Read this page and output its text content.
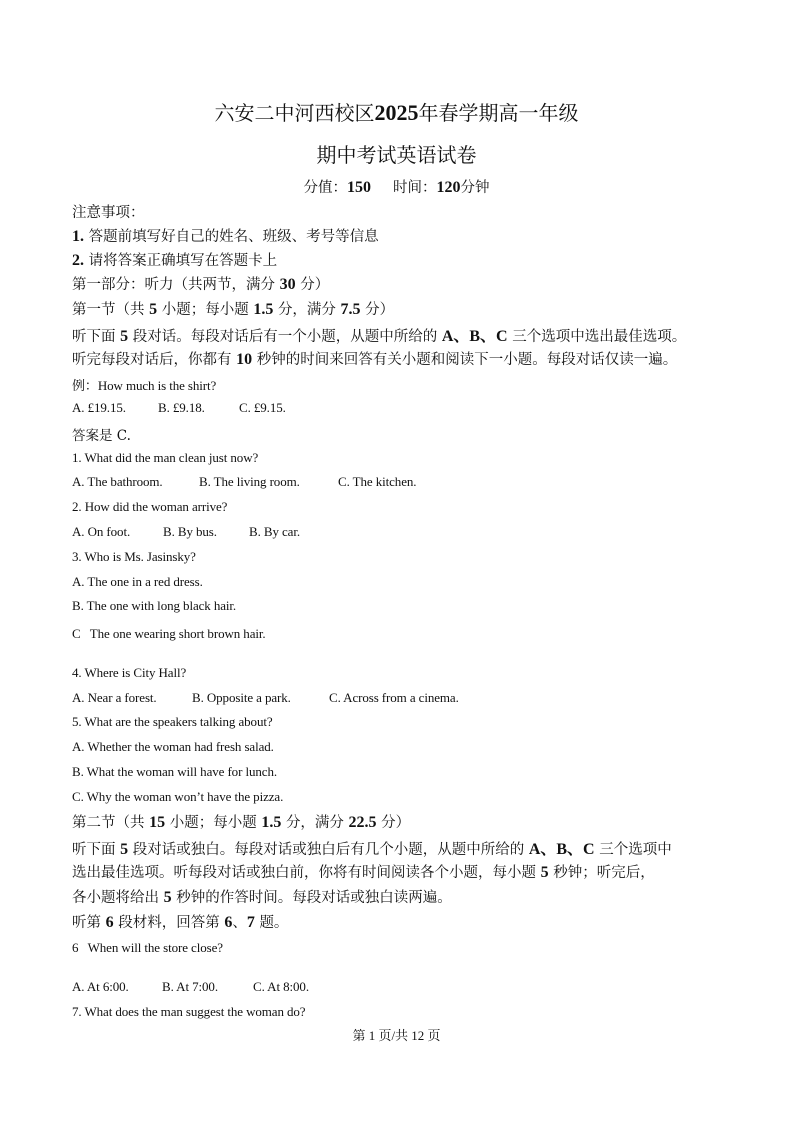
六安二中河西校区2025年春学期高一年级
期中考试英语试卷
分值：150 时间：120分钟
注意事项：
1. 答题前填写好自己的姓名、班级、考号等信息
2. 请将答案正确填写在答题卡上
第一部分：听力（共两节，满分 30 分）
第一节（共 5 小题；每小题 1.5 分，满分 7.5 分）
听下面 5 段对话。每段对话后有一个小题，从题中所给的 A、B、C 三个选项中选出最佳选项。
听完每段对话后，你都有 10 秒钟的时间来回答有关小题和阅读下一小题。每段对话仅读一遍。
例：How much is the shirt?
A. £19.15. B. £9.18.	C. £9.15.
答案是 C.
1. What did the man clean just now?
A. The bathroom.	B. The living room.	C. The kitchen.
2. How did the woman arrive?
A. On foot.	B. By bus. B. By car.
3. Who is Ms. Jasinsky?
A. The one in a red dress.
B. The one with long black hair.
C   The one wearing short brown hair.
4. Where is City Hall?
A. Near a forest.	B. Opposite a park.	C. Across from a cinema.
5. What are the speakers talking about?
A. Whether the woman had fresh salad.
B. What the woman will have for lunch.
C. Why the woman won’t have the pizza.
第二节（共 15 小题；每小题 1.5 分，满分 22.5 分）
听下面 5 段对话或独白。每段对话或独白后有几个小题，从题中所给的 A、B、C 三个选项中
选出最佳选项。听每段对话或独白前，你将有时间阅读各个小题，每小题 5 秒钟；听完后，
各小题将给出 5 秒钟的作答时间。每段对话或独白读两遍。
听第 6 段材料，回答第 6、7 题。
6   When will the store close?
A. At 6:00.	B. At 7:00.	C. At 8:00.
7. What does the man suggest the woman do?
第 1 页/共 12 页
